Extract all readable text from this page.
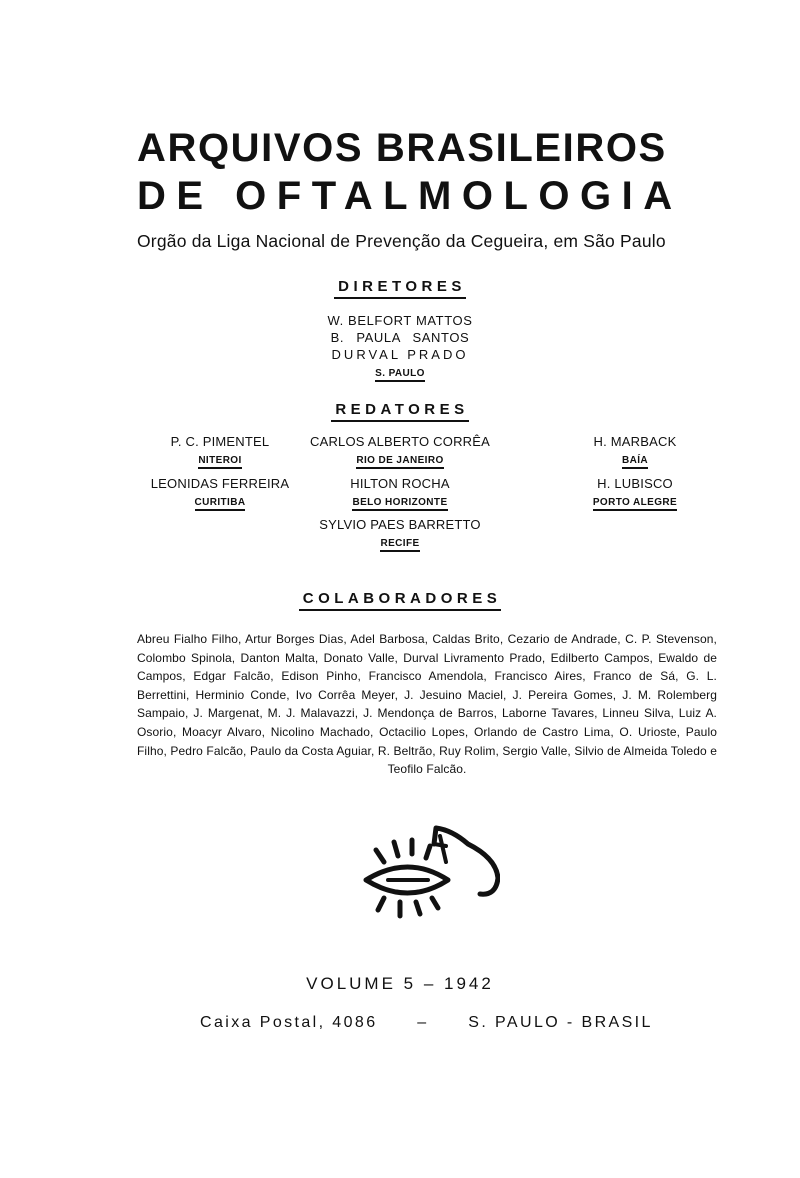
ARQUIVOS BRASILEIROS
DE OFTALMOLOGIA
Orgão da Liga Nacional de Prevenção da Cegueira, em São Paulo
DIRETORES
W. BELFORT MATTOS
B. PAULA SANTOS
DURVAL PRADO
S. PAULO
REDATORES
P. C. PIMENTEL
NITEROI
CARLOS ALBERTO CORRÊA
RIO DE JANEIRO
H. MARBACK
BAÍA
LEONIDAS FERREIRA
CURITIBA
HILTON ROCHA
BELO HORIZONTE
H. LUBISCO
PORTO ALEGRE
SYLVIO PAES BARRETTO
RECIFE
COLABORADORES
Abreu Fialho Filho, Artur Borges Dias, Adel Barbosa, Caldas Brito, Cezario de Andrade, C. P. Stevenson, Colombo Spinola, Danton Malta, Donato Valle, Durval Livramento Prado, Edilberto Campos, Ewaldo de Campos, Edgar Falcão, Edison Pinho, Francisco Amendola, Francisco Aires, Franco de Sá, G. L. Berrettini, Herminio Conde, Ivo Corrêa Meyer, J. Jesuino Maciel, J. Pereira Gomes, J. M. Rolemberg Sampaio, J. Margenat, M. J. Malavazzi, J. Mendonça de Barros, Laborne Tavares, Linneu Silva, Luiz A. Osorio, Moacyr Alvaro, Nicolino Machado, Octacilio Lopes, Orlando de Castro Lima, O. Urioste, Paulo Filho, Pedro Falcão, Paulo da Costa Aguiar, R. Beltrão, Ruy Rolim, Sergio Valle, Silvio de Almeida Toledo e Teofilo Falcão.
VOLUME 5 – 1942
Caixa Postal, 4086 – S. PAULO - BRASIL
